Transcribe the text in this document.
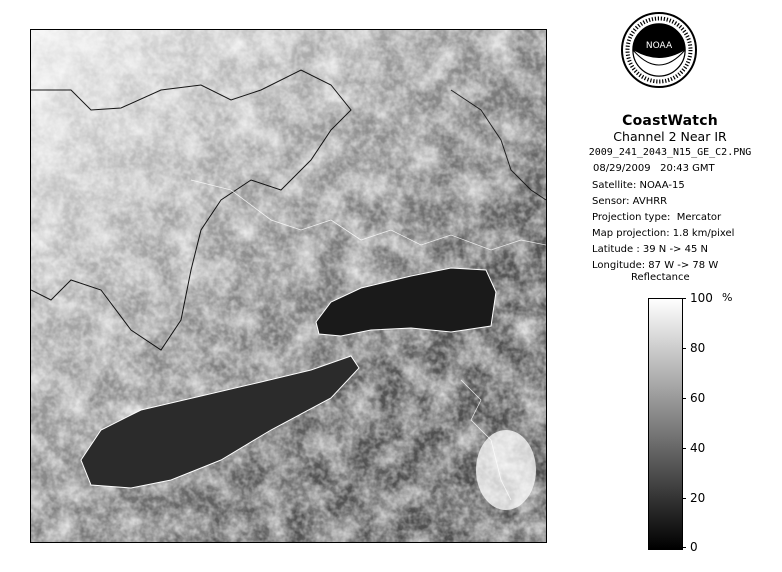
NOAA
CoastWatch
Channel 2 Near IR
2009_241_2043_N15_GE_C2.PNG
08/29/2009   20:43 GMT
Satellite: NOAA-15
Sensor: AVHRR
Projection type:  Mercator
Map projection: 1.8 km/pixel
Latitude : 39 N -> 45 N
Longitude: 87 W -> 78 W
Reflectance
%
100
80
60
40
20
0
